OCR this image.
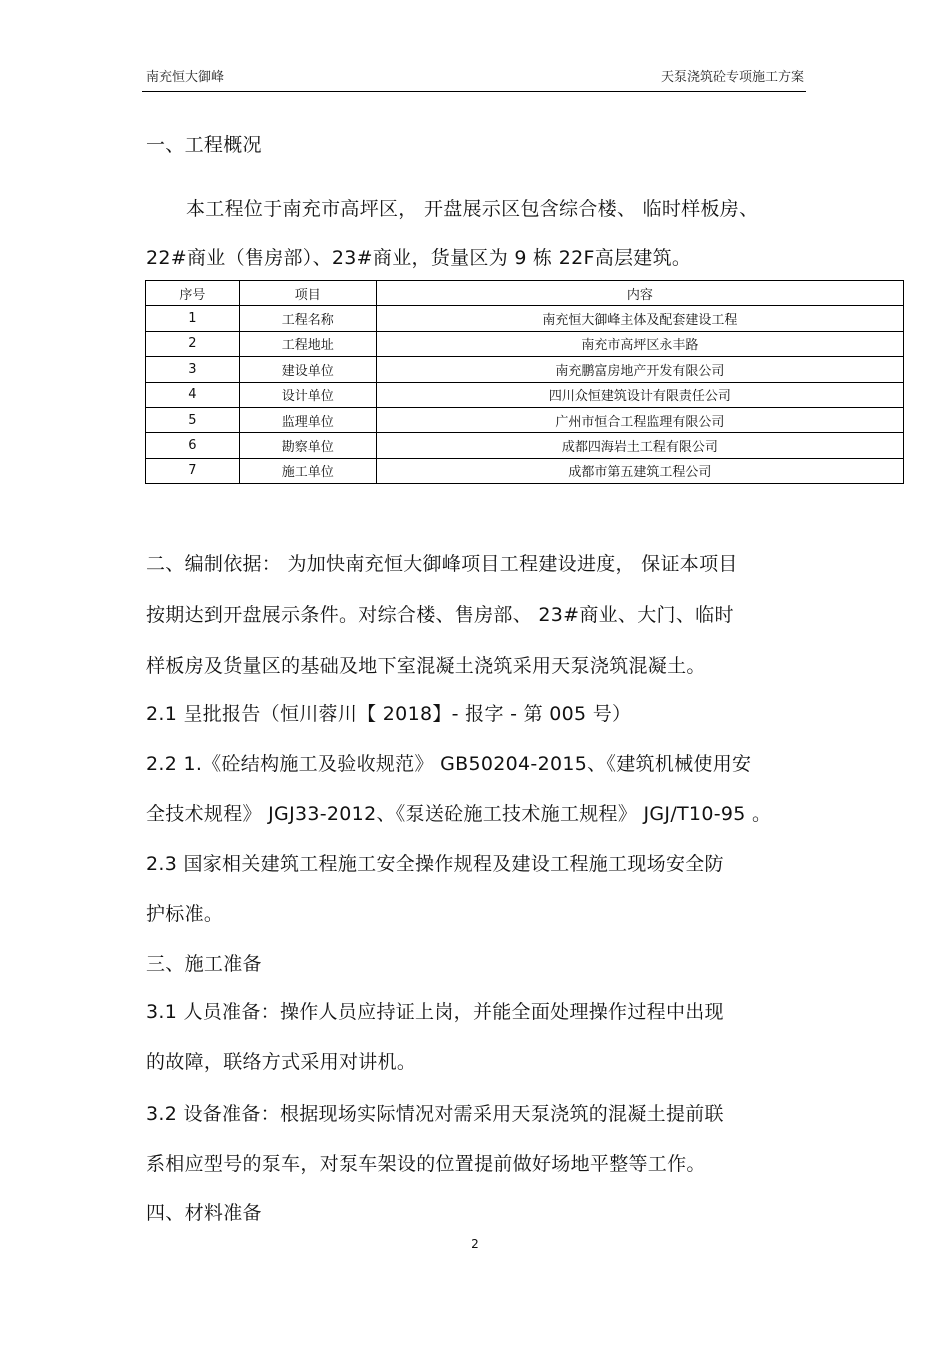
南充恒大御峰	天泵浇筑砼专项施工方案
一、工程概况
本工程位于南充市高坪区， 开盘展示区包含综合楼、 临时样板房、
22#商业（售房部）、23#商业，货量区为 9 栋 22F高层建筑。
序号	项目	内容
1	工程名称	南充恒大御峰主体及配套建设工程
2	工程地址	南充市高坪区永丰路
3	建设单位	南充鹏富房地产开发有限公司
4	设计单位	四川众恒建筑设计有限责任公司
5	监理单位	广州市恒合工程监理有限公司
6	勘察单位	成都四海岩土工程有限公司
7	施工单位	成都市第五建筑工程公司
二、编制依据： 为加快南充恒大御峰项目工程建设进度， 保证本项目
按期达到开盘展示条件。对综合楼、售房部、 23#商业、大门、临时
样板房及货量区的基础及地下室混凝土浇筑采用天泵浇筑混凝土。
2.1 呈批报告（恒川蓉川【 2018】- 报字 - 第 005 号）
2.2 1.《砼结构施工及验收规范》 GB50204-2015、《建筑机械使用安
全技术规程》 JGJ33-2012、《泵送砼施工技术施工规程》 JGJ/T10-95 。
2.3 国家相关建筑工程施工安全操作规程及建设工程施工现场安全防
护标准。
三、施工准备
3.1 人员准备：操作人员应持证上岗，并能全面处理操作过程中出现
的故障，联络方式采用对讲机。
3.2 设备准备：根据现场实际情况对需采用天泵浇筑的混凝土提前联
系相应型号的泵车，对泵车架设的位置提前做好场地平整等工作。
四、材料准备
2
